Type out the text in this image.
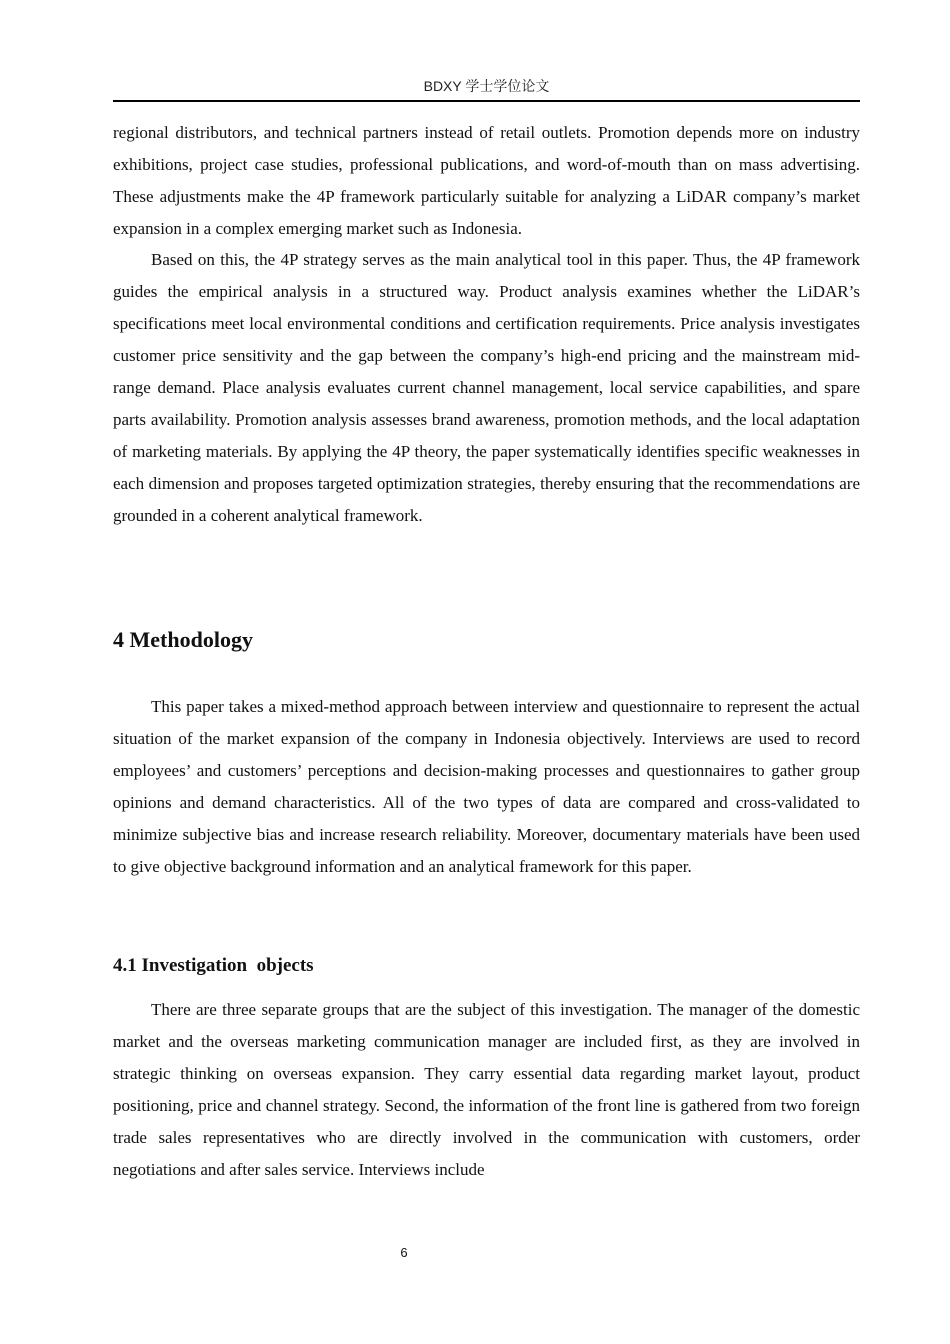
BDXY 学士学位论文

regional distributors, and technical partners instead of retail outlets. Promotion depends more on industry exhibitions, project case studies, professional publications, and word-of-mouth than on mass advertising. These adjustments make the 4P framework particularly suitable for analyzing a LiDAR company’s market expansion in a complex emerging market such as Indonesia.

Based on this, the 4P strategy serves as the main analytical tool in this paper. Thus, the 4P framework guides the empirical analysis in a structured way. Product analysis examines whether the LiDAR’s specifications meet local environmental conditions and certification requirements. Price analysis investigates customer price sensitivity and the gap between the company’s high-end pricing and the mainstream mid-range demand. Place analysis evaluates current channel management, local service capabilities, and spare parts availability. Promotion analysis assesses brand awareness, promotion methods, and the local adaptation of marketing materials. By applying the 4P theory, the paper systematically identifies specific weaknesses in each dimension and proposes targeted optimization strategies, thereby ensuring that the recommendations are grounded in a coherent analytical framework.

4 Methodology

This paper takes a mixed-method approach between interview and questionnaire to represent the actual situation of the market expansion of the company in Indonesia objectively. Interviews are used to record employees’ and customers’ perceptions and decision-making processes and questionnaires to gather group opinions and demand characteristics. All of the two types of data are compared and cross-validated to minimize subjective bias and increase research reliability. Moreover, documentary materials have been used to give objective background information and an analytical framework for this paper.

4.1 Investigation  objects

There are three separate groups that are the subject of this investigation. The manager of the domestic market and the overseas marketing communication manager are included first, as they are involved in strategic thinking on overseas expansion. They carry essential data regarding market layout, product positioning, price and channel strategy. Second, the information of the front line is gathered from two foreign trade sales representatives who are directly involved in the communication with customers, order negotiations and after sales service. Interviews include

6
